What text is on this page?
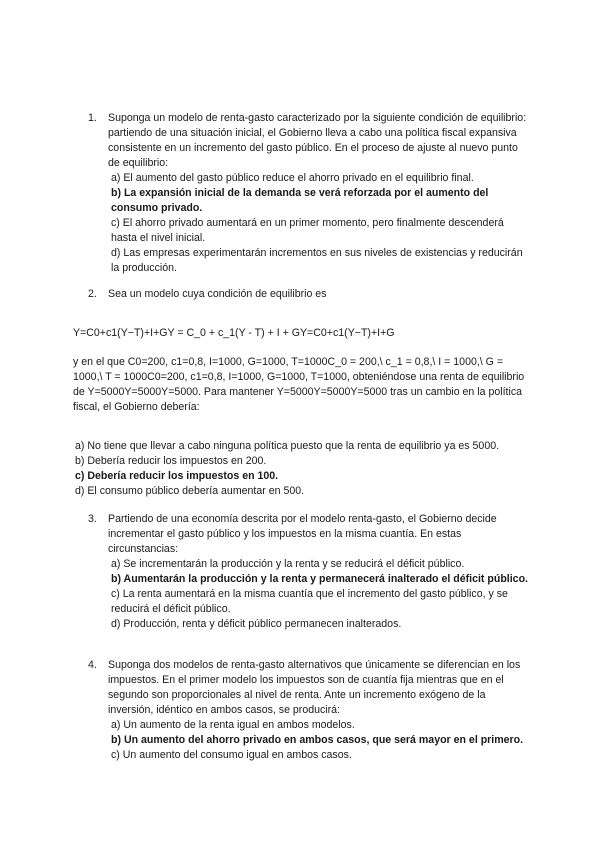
1. Suponga un modelo de renta-gasto caracterizado por la siguiente condición de equilibrio: partiendo de una situación inicial, el Gobierno lleva a cabo una política fiscal expansiva consistente en un incremento del gasto público. En el proceso de ajuste al nuevo punto de equilibrio:
a) El aumento del gasto público reduce el ahorro privado en el equilibrio final.
b) La expansión inicial de la demanda se verá reforzada por el aumento del consumo privado.
c) El ahorro privado aumentará en un primer momento, pero finalmente descenderá hasta el nivel inicial.
d) Las empresas experimentarán incrementos en sus niveles de existencias y reducirán la producción.
2. Sea un modelo cuya condición de equilibrio es
Y=C0+c1(Y−T)+I+GY = C_0 + c_1(Y - T) + I + GY=C0+c1(Y−T)+I+G
y en el que C0=200, c1=0,8, I=1000, G=1000, T=1000C_0 = 200,\ c_1 = 0,8,\ I = 1000,\ G = 1000,\ T = 1000C0=200, c1=0,8, I=1000, G=1000, T=1000, obteniéndose una renta de equilibrio de Y=5000Y=5000Y=5000. Para mantener Y=5000Y=5000Y=5000 tras un cambio en la política fiscal, el Gobierno debería:
a) No tiene que llevar a cabo ninguna política puesto que la renta de equilibrio ya es 5000.
b) Debería reducir los impuestos en 200.
c) Debería reducir los impuestos en 100.
d) El consumo público debería aumentar en 500.
3. Partiendo de una economía descrita por el modelo renta-gasto, el Gobierno decide incrementar el gasto público y los impuestos en la misma cuantía. En estas circunstancias:
a) Se incrementarán la producción y la renta y se reducirá el déficit público.
b) Aumentarán la producción y la renta y permanecerá inalterado el déficit público.
c) La renta aumentará en la misma cuantía que el incremento del gasto público, y se reducirá el déficit público.
d) Producción, renta y déficit público permanecen inalterados.
4. Suponga dos modelos de renta-gasto alternativos que únicamente se diferencian en los impuestos. En el primer modelo los impuestos son de cuantía fija mientras que en el segundo son proporcionales al nivel de renta. Ante un incremento exógeno de la inversión, idéntico en ambos casos, se producirá:
a) Un aumento de la renta igual en ambos modelos.
b) Un aumento del ahorro privado en ambos casos, que será mayor en el primero.
c) Un aumento del consumo igual en ambos casos.
